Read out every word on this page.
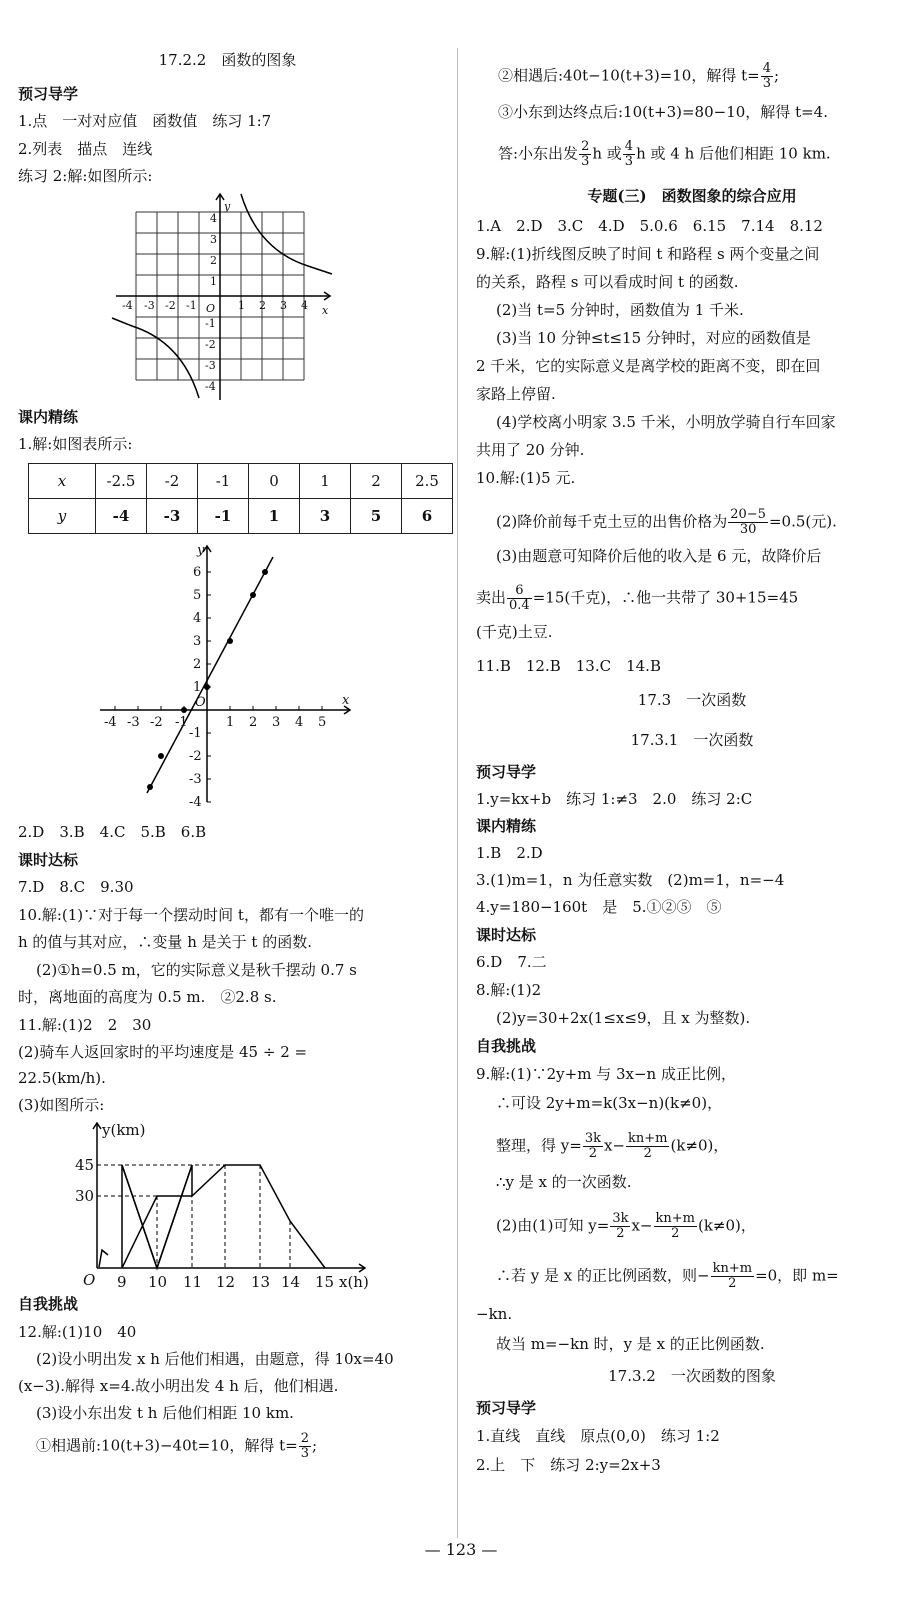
17.2.2　函数的图象
预习导学
1.点　一对对应值　函数值　练习 1:7
2.列表　描点　连线
练习 2:解:如图所示:
y
x
O
-4 -3 -2 -1	1 2 3 4
4
3
2
1
-1
-2
-3
-4
课内精练
1.解:如图表所示:
x	-2.5	-2	-1	0	1	2	2.5
y	-4	-3	-1	1	3	5	6
y
x
O
-4 -3 -2 -1	1 2 3 4 5
6
5
4
3
2
1
-1
-2
-3
-4
2.D　3.B　4.C　5.B　6.B
课时达标
7.D　8.C　9.30
10.解:(1)∵对于每一个摆动时间 t，都有一个唯一的
h 的值与其对应，∴变量 h 是关于 t 的函数.
(2)①h=0.5 m，它的实际意义是秋千摆动 0.7 s
时，离地面的高度为 0.5 m.　②2.8 s.
11.解:(1)2　2　30
(2)骑车人返回家时的平均速度是 45 ÷ 2 =
22.5(km/h).
(3)如图所示:
y(km)
x(h)
O 9 10 11 12 13 14 15
45
30
自我挑战
12.解:(1)10　40
(2)设小明出发 x h 后他们相遇，由题意，得 10x=40
(x−3).解得 x=4.故小明出发 4 h 后，他们相遇.
(3)设小东出发 t h 后他们相距 10 km.
①相遇前:10(t+3)−40t=10，解得 $t= \frac{2}{3}$ ;
②相遇后:40t−10(t+3)=10，解得 $t= \frac{4}{3}$ ;
③小东到达终点后:10(t+3)=80−10，解得 t=4.
答:小东出发 $\frac{2}{3}$ h 或 $\frac{4}{3}$ h 或 4 h 后他们相距 10 km.
专题(三)　函数图象的综合应用
1.A　2.D　3.C　4.D　5.0.6　6.15　7.14　8.12
9.解:(1)折线图反映了时间 t 和路程 s 两个变量之间
的关系，路程 s 可以看成时间 t 的函数.
(2)当 t=5 分钟时，函数值为 1 千米.
(3)当 10 分钟≤t≤15 分钟时，对应的函数值是
2 千米，它的实际意义是离学校的距离不变，即在回
家路上停留.
(4)学校离小明家 3.5 千米，小明放学骑自行车回家
共用了 20 分钟.
10.解:(1)5 元.
(2)降价前每千克土豆的出售价格为 $\frac{20-5}{30} =0.5$(元).
(3)由题意可知降价后他的收入是 6 元，故降价后
卖出 $\frac{6}{0.4} =15$(千克)，∴他一共带了 30+15=45
(千克)土豆.
11.B　12.B　13.C　14.B
17.3　一次函数
17.3.1　一次函数
预习导学
1.y=kx+b　练习 1:≠3　2.0　练习 2:C
课内精练
1.B　2.D
3.(1)m=1，n 为任意实数　(2)m=1，n=−4
4.y=180−160t　是　5.①②⑤　⑤
课时达标
6.D　7.二
8.解:(1)2
(2)y=30+2x(1≤x≤9，且 x 为整数).
自我挑战
9.解:(1)∵2y+m 与 3x−n 成正比例，
∴可设 2y+m=k(3x−n)(k≠0)，
整理，得 $y= \frac{3k}{2} x- \frac{kn+m}{2} (k\ne 0)$，
∴y 是 x 的一次函数.
(2)由(1)可知 $y= \frac{3k}{2} x- \frac{kn+m}{2} (k\ne 0)$，
∴若 y 是 x 的正比例函数，则− $\frac{kn+m}{2} =0$，即 m=
−kn.
故当 m=−kn 时，y 是 x 的正比例函数.
17.3.2　一次函数的图象
预习导学
1.直线　直线　原点(0,0)　练习 1:2
2.上　下　练习 2:y=2x+3
— 123 —
